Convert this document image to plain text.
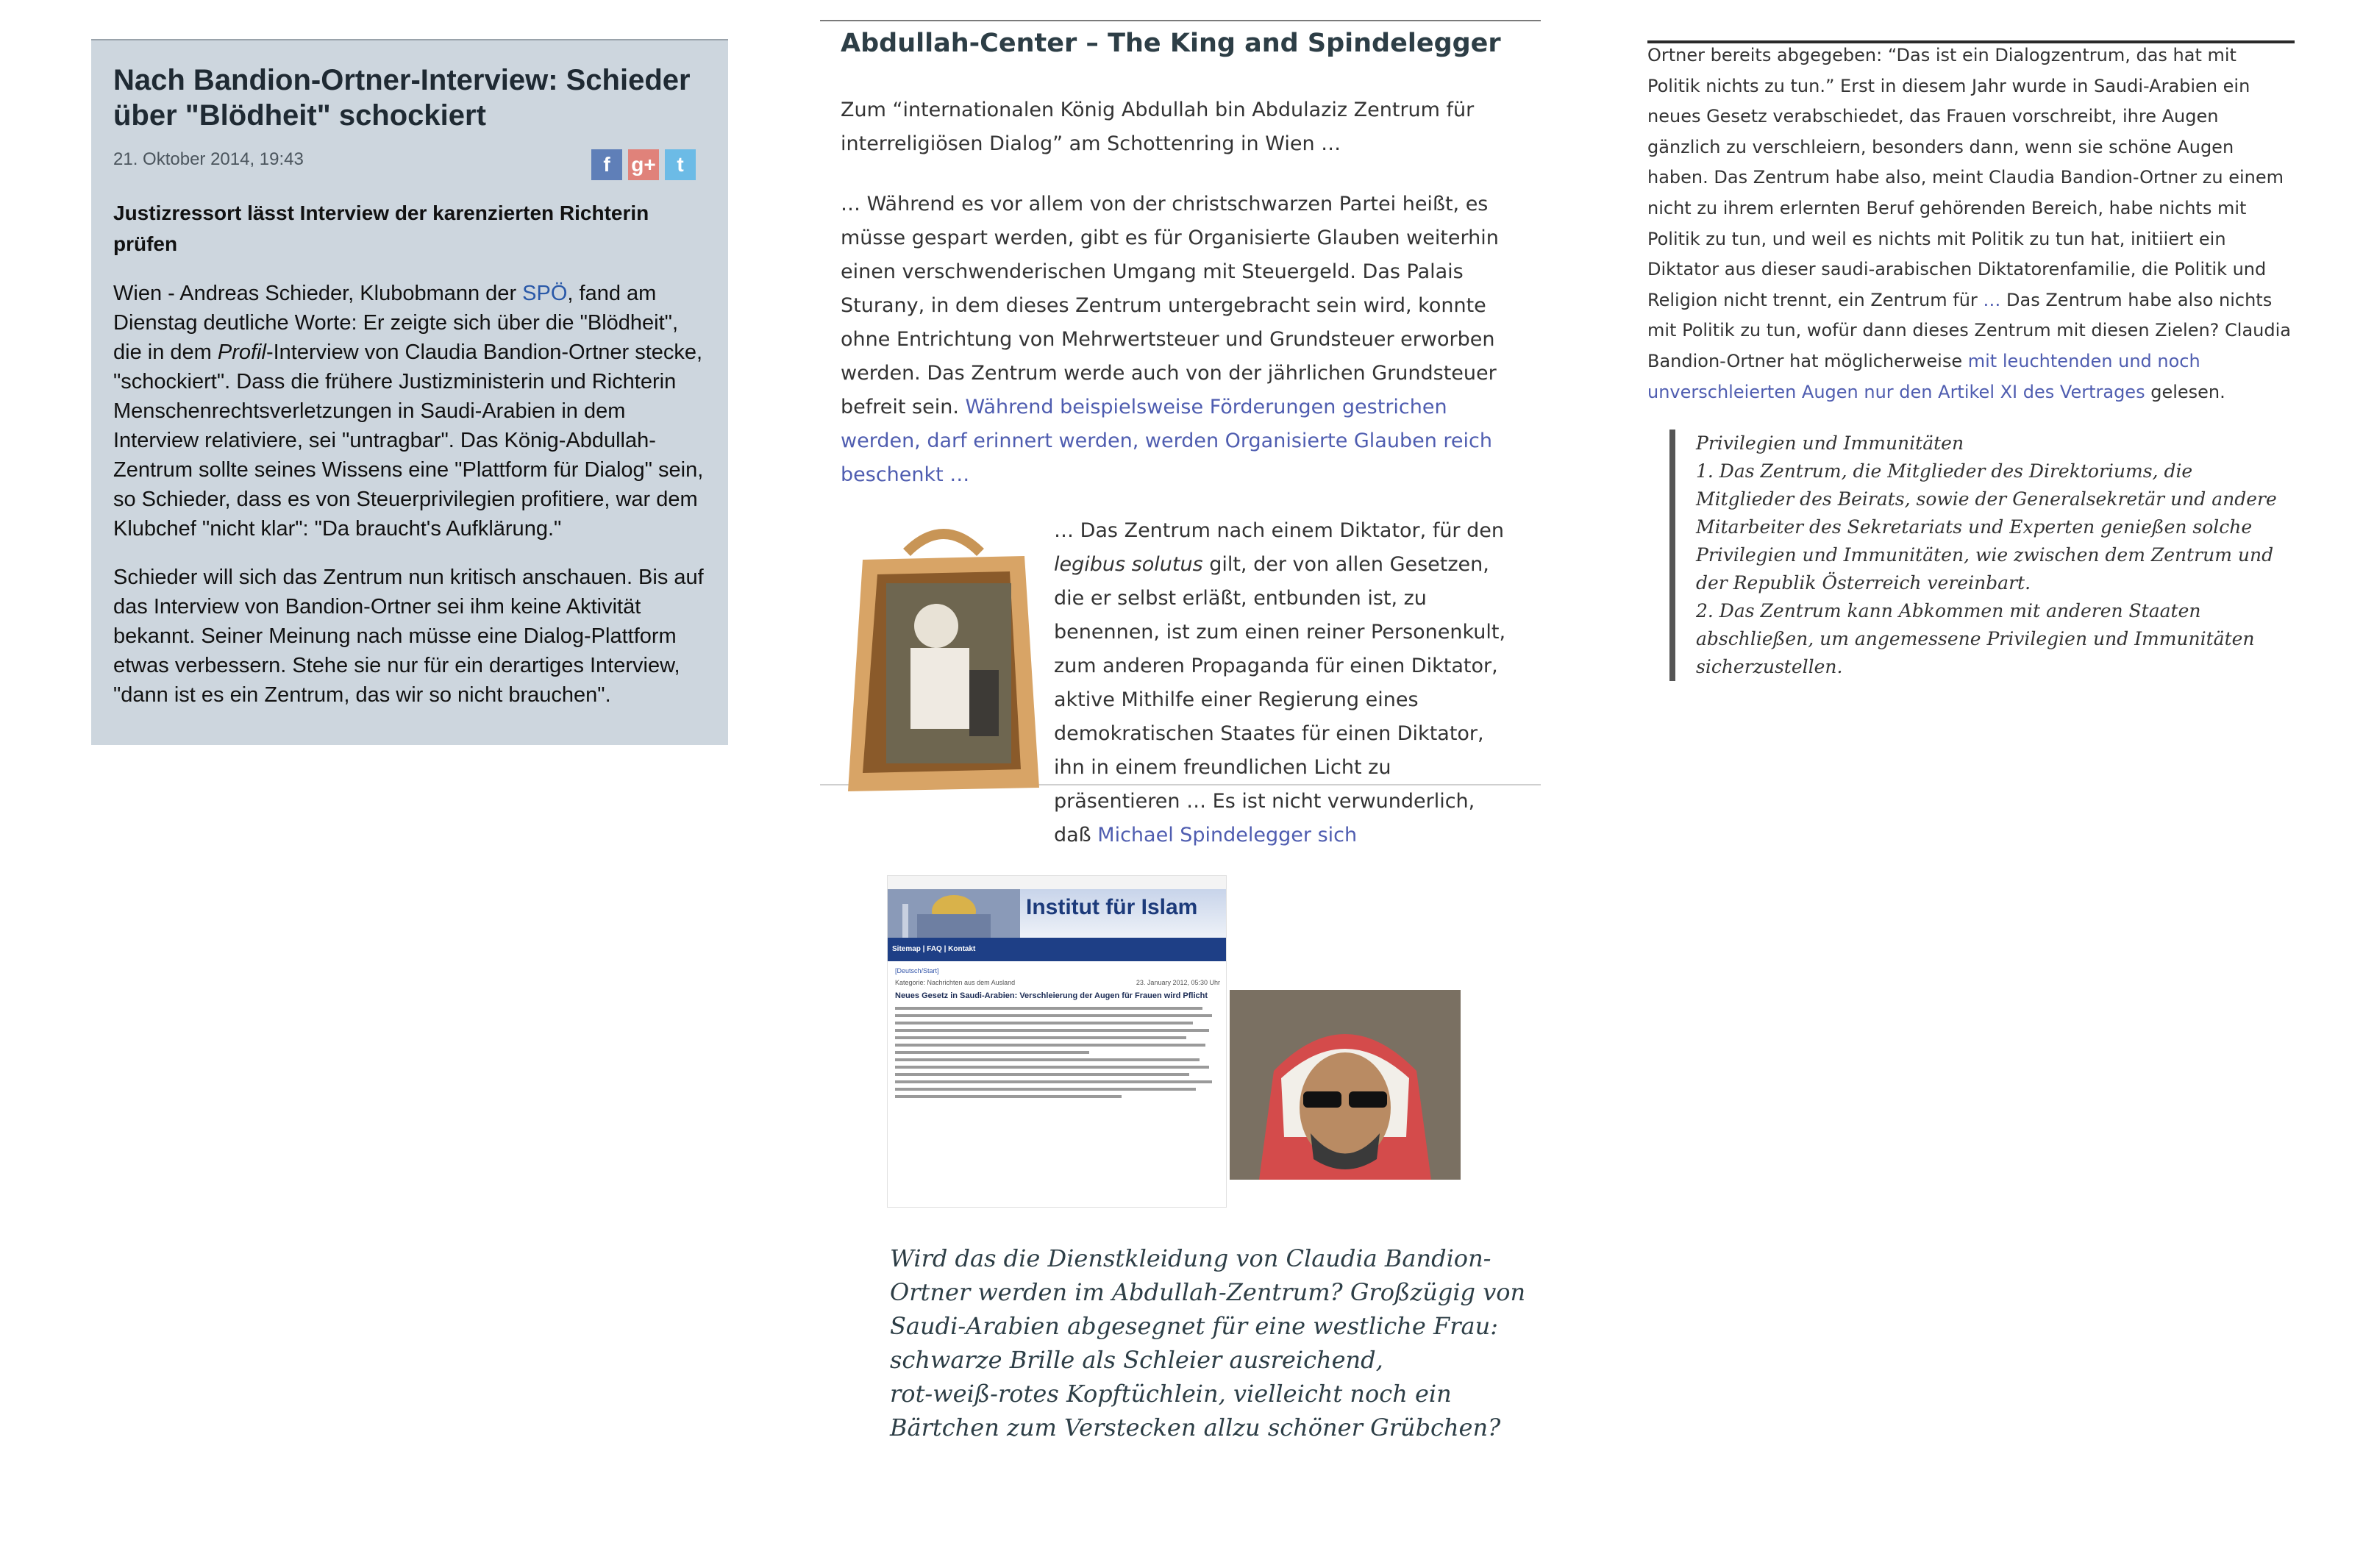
Nach Bandion-Ortner-Interview: Schieder über "Blödheit" schockiert
21. Oktober 2014, 19:43	f	g+	t
Justizressort lässt Interview der karenzierten Richterin prüfen

Wien - Andreas Schieder, Klubobmann der SPÖ, fand am Dienstag deutliche Worte: Er zeigte sich über die "Blödheit", die in dem Profil-Interview von Claudia Bandion-Ortner stecke, "schockiert". Dass die frühere Justizministerin und Richterin Menschenrechtsverletzungen in Saudi-Arabien in dem Interview relativiere, sei "untragbar". Das König-Abdullah-Zentrum sollte seines Wissens eine "Plattform für Dialog" sein, so Schieder, dass es von Steuerprivilegien profitiere, war dem Klubchef "nicht klar": "Da braucht's Aufklärung."

Schieder will sich das Zentrum nun kritisch anschauen. Bis auf das Interview von Bandion-Ortner sei ihm keine Aktivität bekannt. Seiner Meinung nach müsse eine Dialog-Plattform etwas verbessern. Stehe sie nur für ein derartiges Interview, "dann ist es ein Zentrum, das wir so nicht brauchen".

Abdullah-Center – The King and Spindelegger

Zum “internationalen König Abdullah bin Abdulaziz Zentrum für interreligiösen Dialog” am Schottenring in Wien …

… Während es vor allem von der christschwarzen Partei heißt, es müsse gespart werden, gibt es für Organisierte Glauben weiterhin einen verschwenderischen Umgang mit Steuergeld. Das Palais Sturany, in dem dieses Zentrum untergebracht sein wird, konnte ohne Entrichtung von Mehrwertsteuer und Grundsteuer erworben werden. Das Zentrum werde auch von der jährlichen Grundsteuer befreit sein. Während beispielsweise Förderungen gestrichen werden, darf erinnert werden, werden Organisierte Glauben reich beschenkt …

… Das Zentrum nach einem Diktator, für den legibus solutus gilt, der von allen Gesetzen, die er selbst erläßt, entbunden ist, zu benennen, ist zum einen reiner Personenkult, zum anderen Propaganda für einen Diktator, aktive Mithilfe einer Regierung eines demokratischen Staates für einen Diktator, ihn in einem freundlichen Licht zu präsentieren … Es ist nicht verwunderlich, daß Michael Spindelegger sich

Ortner bereits abgegeben: “Das ist ein Dialogzentrum, das hat mit Politik nichts zu tun.” Erst in diesem Jahr wurde in Saudi-Arabien ein neues Gesetz verabschiedet, das Frauen vorschreibt, ihre Augen gänzlich zu verschleiern, besonders dann, wenn sie schöne Augen haben. Das Zentrum habe also, meint Claudia Bandion-Ortner zu einem nicht zu ihrem erlernten Beruf gehörenden Bereich, habe nichts mit Politik zu tun, und weil es nichts mit Politik zu tun hat, initiiert ein Diktator aus dieser saudi-arabischen Diktatorenfamilie, die Politik und Religion nicht trennt, ein Zentrum für … Das Zentrum habe also nichts mit Politik zu tun, wofür dann dieses Zentrum mit diesen Zielen? Claudia Bandion-Ortner hat möglicherweise mit leuchtenden und noch unverschleierten Augen nur den Artikel XI des Vertrages gelesen.

Privilegien und Immunitäten
1. Das Zentrum, die Mitglieder des Direktoriums, die Mitglieder des Beirats, sowie der Generalsekretär und andere Mitarbeiter des Sekretariats und Experten genießen solche Privilegien und Immunitäten, wie zwischen dem Zentrum und der Republik Österreich vereinbart.
2. Das Zentrum kann Abkommen mit anderen Staaten abschließen, um angemessene Privilegien und Immunitäten sicherzustellen.
Institut für Islam
Sitemap | FAQ | Kontakt
[Deutsch/Start]
Kategorie: Nachrichten aus dem Ausland	23. January 2012, 05:30 Uhr
Neues Gesetz in Saudi-Arabien: Verschleierung der Augen für Frauen wird Pflicht
Wird das die Dienstkleidung von Claudia Bandion-
Ortner werden im Abdullah-Zentrum? Großzügig von
Saudi-Arabien abgesegnet für eine westliche Frau:
schwarze Brille als Schleier ausreichend,
rot-weiß-rotes Kopftüchlein, vielleicht noch ein
Bärtchen zum Verstecken allzu schöner Grübchen?
